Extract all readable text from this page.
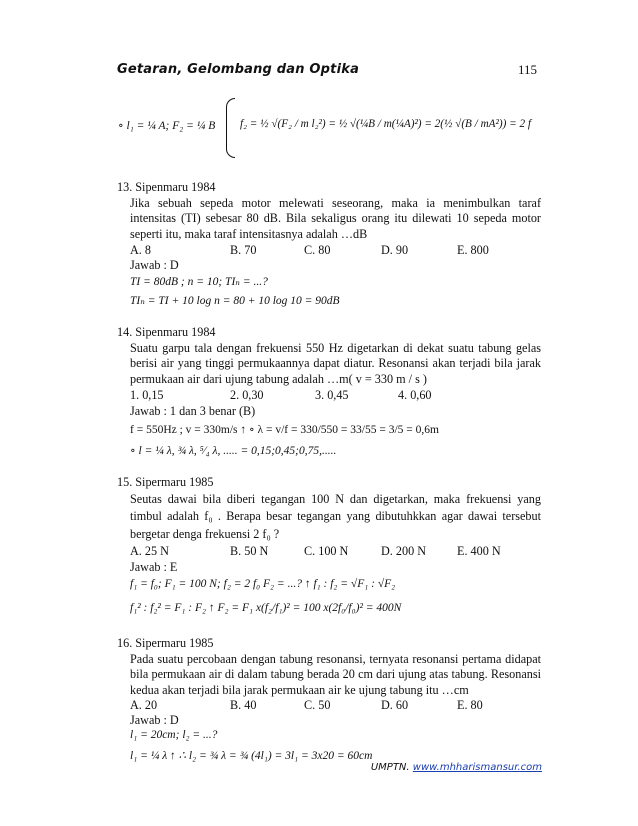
Getaran, Gelombang dan Optika	115
∘ l₁ = ¼ A; F₂ = ¼ B f₂ = ½ √(F₂ / m l₂²) = ½ √(¼B / m(¼A)²) = 2(½ √(B / mA²)) = 2 f
13. Sipenmaru 1984
Jika sebuah sepeda motor melewati seseorang, maka ia menimbulkan taraf intensitas (TI) sebesar 80 dB. Bila sekaligus orang itu dilewati 10 sepeda motor seperti itu, maka taraf intensitasnya adalah …dB
A. 8	B. 70	C. 80	D. 90	E. 800
Jawab : D
TI = 80dB ; n = 10; TIₙ = ...?
TIₙ = TI + 10 log n = 80 + 10 log 10 = 90dB
14. Sipenmaru 1984
Suatu garpu tala dengan frekuensi 550 Hz digetarkan di dekat suatu tabung gelas berisi air yang tinggi permukaannya dapat diatur. Resonansi akan terjadi bila jarak permukaan air dari ujung tabung adalah …m( v = 330 m / s )
1. 0,15	2. 0,30	3. 0,45	4. 0,60
Jawab : 1 dan 3 benar (B)
f = 550Hz ; v = 330m/s ↑ ∘ λ = v/f = 330/550 = 33/55 = 3/5 = 0,6m
∘ l = ¼ λ, ¾ λ, ⁵⁄₄ λ, ..... = 0,15;0,45;0,75,.....
15. Sipermaru 1985
Seutas dawai bila diberi tegangan 100 N dan digetarkan, maka frekuensi yang timbul adalah f₀ . Berapa besar tegangan yang dibutuhkkan agar dawai tersebut bergetar denga frekuensi 2 f₀ ?
A. 25 N	B. 50 N	C. 100 N	D. 200 N	E. 400 N
Jawab : E
f₁ = f₀; F₁ = 100 N; f₂ = 2 f₀ F₂ = ...? ↑ f₁ : f₂ = √F₁ : √F₂
f₁² : f₂² = F₁ : F₂ ↑ F₂ = F₁ x(f₂/f₁)² = 100 x(2f₀/f₀)² = 400N
16. Sipermaru 1985
Pada suatu percobaan dengan tabung resonansi, ternyata resonansi pertama didapat bila permukaan air di dalam tabung berada 20 cm dari ujung atas tabung. Resonansi kedua akan terjadi bila jarak permukaan air ke ujung tabung itu …cm
A. 20	B. 40	C. 50	D. 60	E. 80
Jawab : D
l₁ = 20cm; l₂ = ...?
l₁ = ¼ λ ↑ ∴ l₂ = ¾ λ = ¾ (4l₁) = 3l₁ = 3x20 = 60cm
UMPTN. www.mhharismansur.com
